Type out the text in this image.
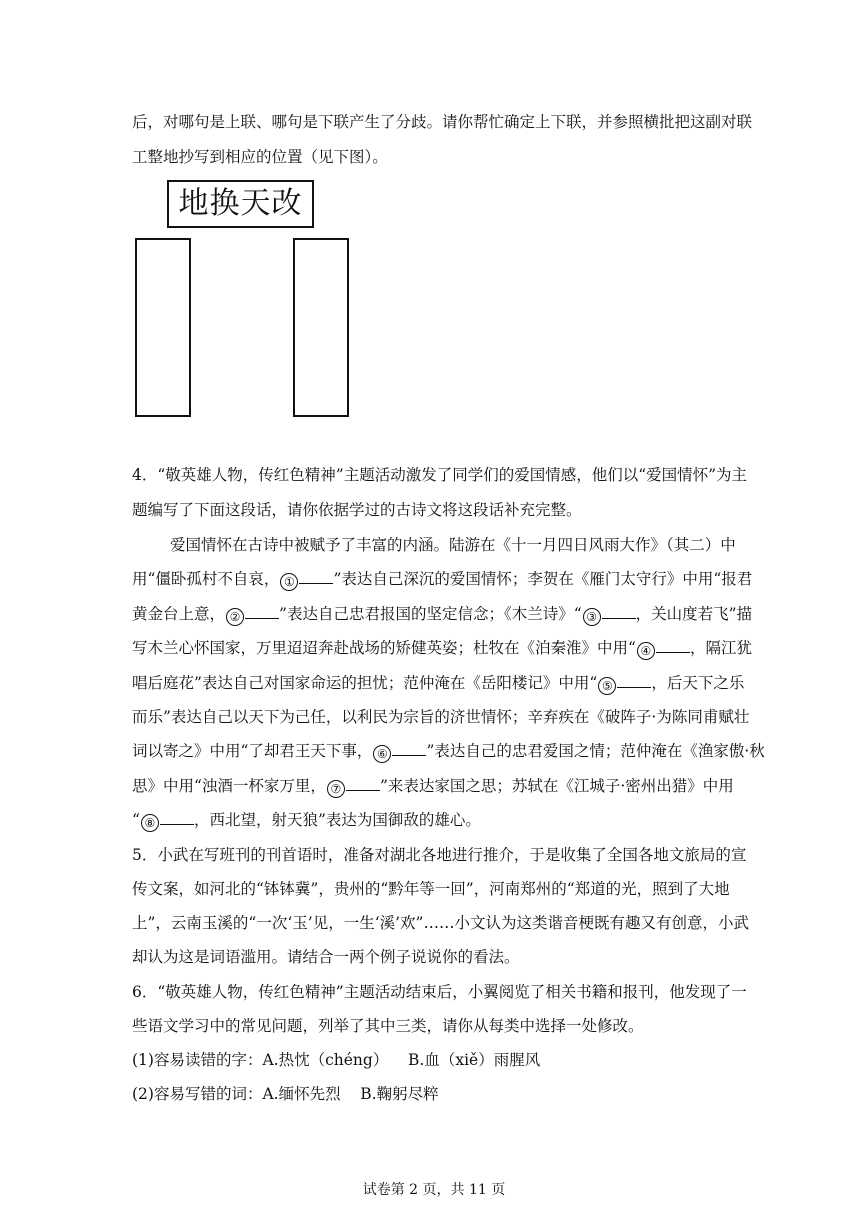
后，对哪句是上联、哪句是下联产生了分歧。请你帮忙确定上下联，并参照横批把这副对联
工整地抄写到相应的位置（见下图）。
地换天改
4．“敬英雄人物，传红色精神”主题活动激发了同学们的爱国情感，他们以“爱国情怀”为主
题编写了下面这段话，请你依据学过的古诗文将这段话补充完整。
爱国情怀在古诗中被赋予了丰富的内涵。陆游在《十一月四日风雨大作》（其二）中
用“僵卧孤村不自哀， ① ”表达自己深沉的爱国情怀；李贺在《雁门太守行》中用“报君
黄金台上意， ② ”表达自己忠君报国的坚定信念；《木兰诗》“ ③ ，关山度若飞”描
写木兰心怀国家，万里迢迢奔赴战场的矫健英姿；杜牧在《泊秦淮》中用“ ④ ，隔江犹
唱后庭花”表达自己对国家命运的担忧；范仲淹在《岳阳楼记》中用“ ⑤ ，后天下之乐
而乐”表达自己以天下为己任，以利民为宗旨的济世情怀；辛弃疾在《破阵子·为陈同甫赋壮
词以寄之》中用“了却君王天下事， ⑥ ”表达自己的忠君爱国之情；范仲淹在《渔家傲·秋
思》中用“浊酒一杯家万里， ⑦ ”来表达家国之思；苏轼在《江城子·密州出猎》中用
“ ⑧ ，西北望，射天狼”表达为国御敌的雄心。
5．小武在写班刊的刊首语时，准备对湖北各地进行推介，于是收集了全国各地文旅局的宣
传文案，如河北的“钵钵冀”，贵州的“黔年等一回”，河南郑州的“郑道的光，照到了大地
上”，云南玉溪的“一次‘玉’见，一生‘溪’欢”……小文认为这类谐音梗既有趣又有创意，小武
却认为这是词语滥用。请结合一两个例子说说你的看法。
6．“敬英雄人物，传红色精神”主题活动结束后，小翼阅览了相关书籍和报刊，他发现了一
些语文学习中的常见问题，列举了其中三类，请你从每类中选择一处修改。
(1)容易读错的字：A.热忱（chéng）    B.血（xiě）雨腥风
(2)容易写错的词：A.缅怀先烈    B.鞠躬尽粹
试卷第 2 页，共 11 页
